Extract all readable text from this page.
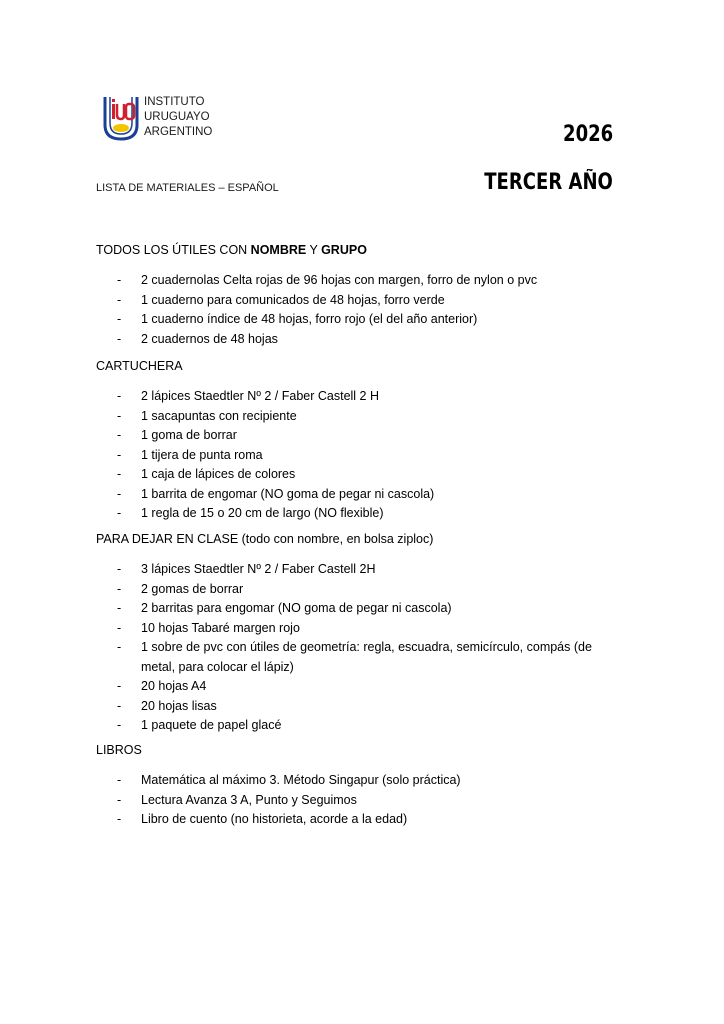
INSTITUTO
URUGUAYO
ARGENTINO	2026
TERCER AÑO
LISTA DE MATERIALES – ESPAÑOL
TODOS LOS ÚTILES CON NOMBRE Y GRUPO
- 2 cuadernolas Celta rojas de 96 hojas con margen, forro de nylon o pvc
- 1 cuaderno para comunicados de 48 hojas, forro verde
- 1 cuaderno índice de 48 hojas, forro rojo (el del año anterior)
- 2 cuadernos de 48 hojas
CARTUCHERA
- 2 lápices Staedtler Nº 2 / Faber Castell 2 H
- 1 sacapuntas con recipiente
- 1 goma de borrar
- 1 tijera de punta roma
- 1 caja de lápices de colores
- 1 barrita de engomar (NO goma de pegar ni cascola)
- 1 regla de 15 o 20 cm de largo (NO flexible)
PARA DEJAR EN CLASE (todo con nombre, en bolsa ziploc)
- 3 lápices Staedtler Nº 2 / Faber Castell 2H
- 2 gomas de borrar
- 2 barritas para engomar (NO goma de pegar ni cascola)
- 10 hojas Tabaré margen rojo
- 1 sobre de pvc con útiles de geometría: regla, escuadra, semicírculo, compás (de metal, para colocar el lápiz)
- 20 hojas A4
- 20 hojas lisas
- 1 paquete de papel glacé
LIBROS
- Matemática al máximo 3. Método Singapur (solo práctica)
- Lectura Avanza 3 A, Punto y Seguimos
- Libro de cuento (no historieta, acorde a la edad)
